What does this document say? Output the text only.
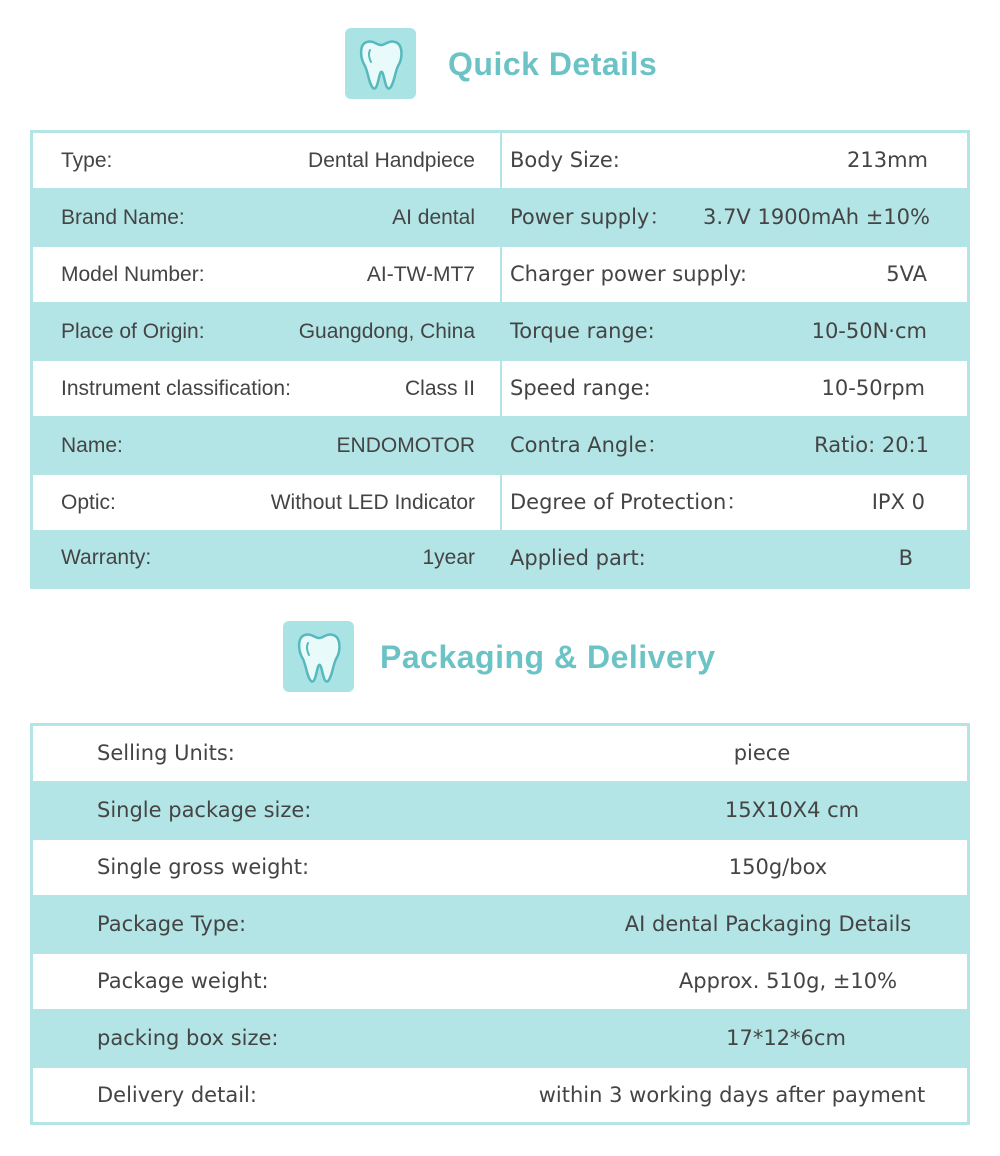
Quick Details
Type:	Dental Handpiece Body Size:	213mm
Brand Name:	AI dental Power supply： 3.7V 1900mAh ±10%
Model Number:	AI-TW-MT7 Charger power supply:	5VA
Place of Origin:	Guangdong, China Torque range:	10-50N·cm
Instrument classification:	Class II Speed range:	10-50rpm
Name:	ENDOMOTOR Contra Angle：	Ratio: 20:1
Optic:	Without LED Indicator Degree of Protection：	IPX 0
Warranty:	1year Applied part:	B
Packaging & Delivery
Selling Units:	piece
Single package size:	15X10X4 cm
Single gross weight:	150g/box
Package Type:	AI dental Packaging Details
Package weight:	Approx. 510g, ±10%
packing box size:	17*12*6cm
Delivery detail:	within 3 working days after payment
